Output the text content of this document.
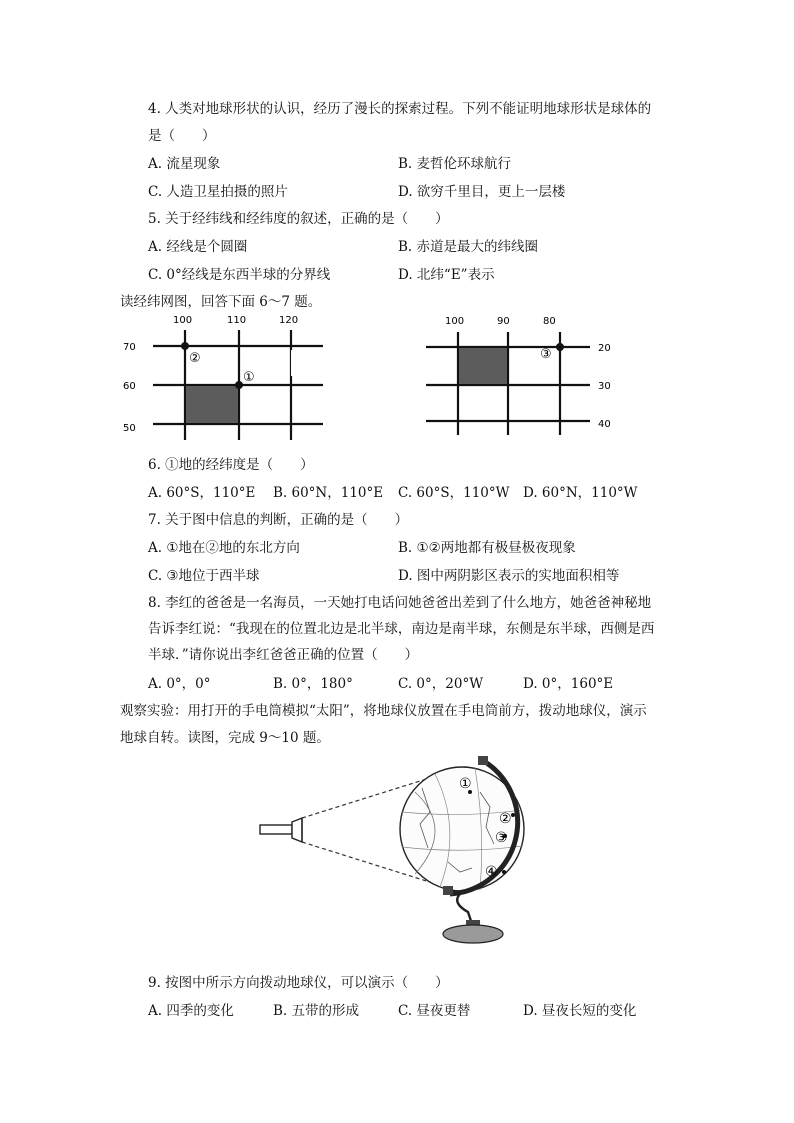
4. 人类对地球形状的认识，经历了漫长的探索过程。下列不能证明地球形状是球体的
是（　　）
A. 流星现象	B. 麦哲伦环球航行
C. 人造卫星拍摄的照片	D. 欲穷千里目，更上一层楼
5. 关于经纬线和经纬度的叙述，正确的是（　　）
A. 经线是个圆圈	B. 赤道是最大的纬线圈
C. 0°经线是东西半球的分界线	D. 北纬“E”表示
读经纬网图，回答下面 6～7 题。
100	110	120
70
60
50
②
①
100	90	80
20
30
40
③
6. ①地的经纬度是（　　）
A. 60°S，110°E B. 60°N，110°E C. 60°S，110°W D. 60°N，110°W
7. 关于图中信息的判断，正确的是（　　）
A. ①地在②地的东北方向	B. ①②两地都有极昼极夜现象
C. ③地位于西半球	D. 图中两阴影区表示的实地面积相等
8. 李红的爸爸是一名海员，一天她打电话问她爸爸出差到了什么地方，她爸爸神秘地
告诉李红说：“我现在的位置北边是北半球，南边是南半球，东侧是东半球，西侧是西
半球．”请你说出李红爸爸正确的位置（　　）
A. 0°，0°	B. 0°，180°	C. 0°，20°W	D. 0°，160°E
观察实验：用打开的手电筒模拟“太阳”，将地球仪放置在手电筒前方，拨动地球仪，演示
地球自转。读图，完成 9～10 题。
①
②
③
④
9. 按图中所示方向拨动地球仪，可以演示（　　）
A. 四季的变化	B. 五带的形成	C. 昼夜更替	D. 昼夜长短的变化
